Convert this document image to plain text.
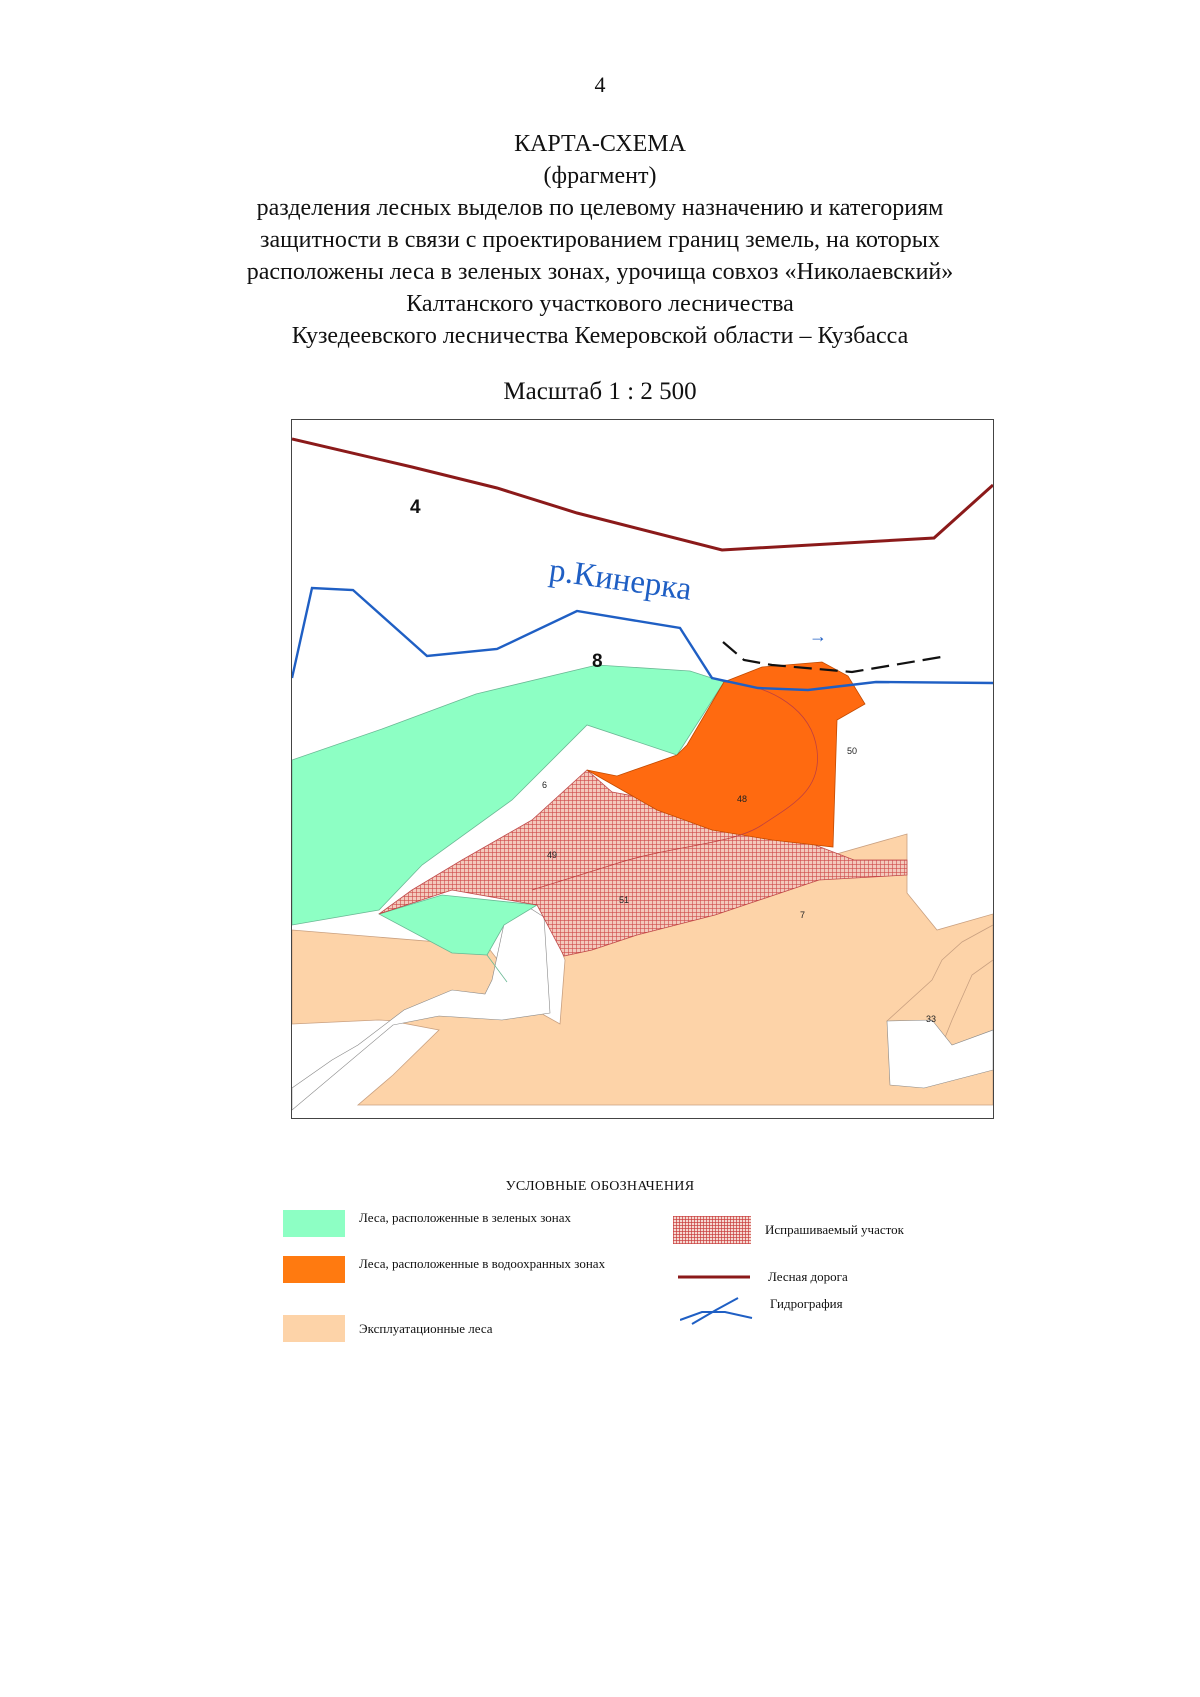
4
КАРТА-СХЕМА
(фрагмент)
разделения лесных выделов по целевому назначению и категориям
защитности в связи с проектированием границ земель, на которых
расположены леса в зеленых зонах, урочища совхоз «Николаевский»
Калтанского участкового лесничества
Кузедеевского лесничества Кемеровской области – Кузбасса
Масштаб 1 : 2 500
4
8
р.Кинерка
→
6
48
49
50
51
7
33
УСЛОВНЫЕ ОБОЗНАЧЕНИЯ
Леса, расположенные в зеленых зонах
Леса, расположенные в водоохранных зонах
Эксплуатационные леса
Испрашиваемый участок
Лесная дорога
Гидрография
